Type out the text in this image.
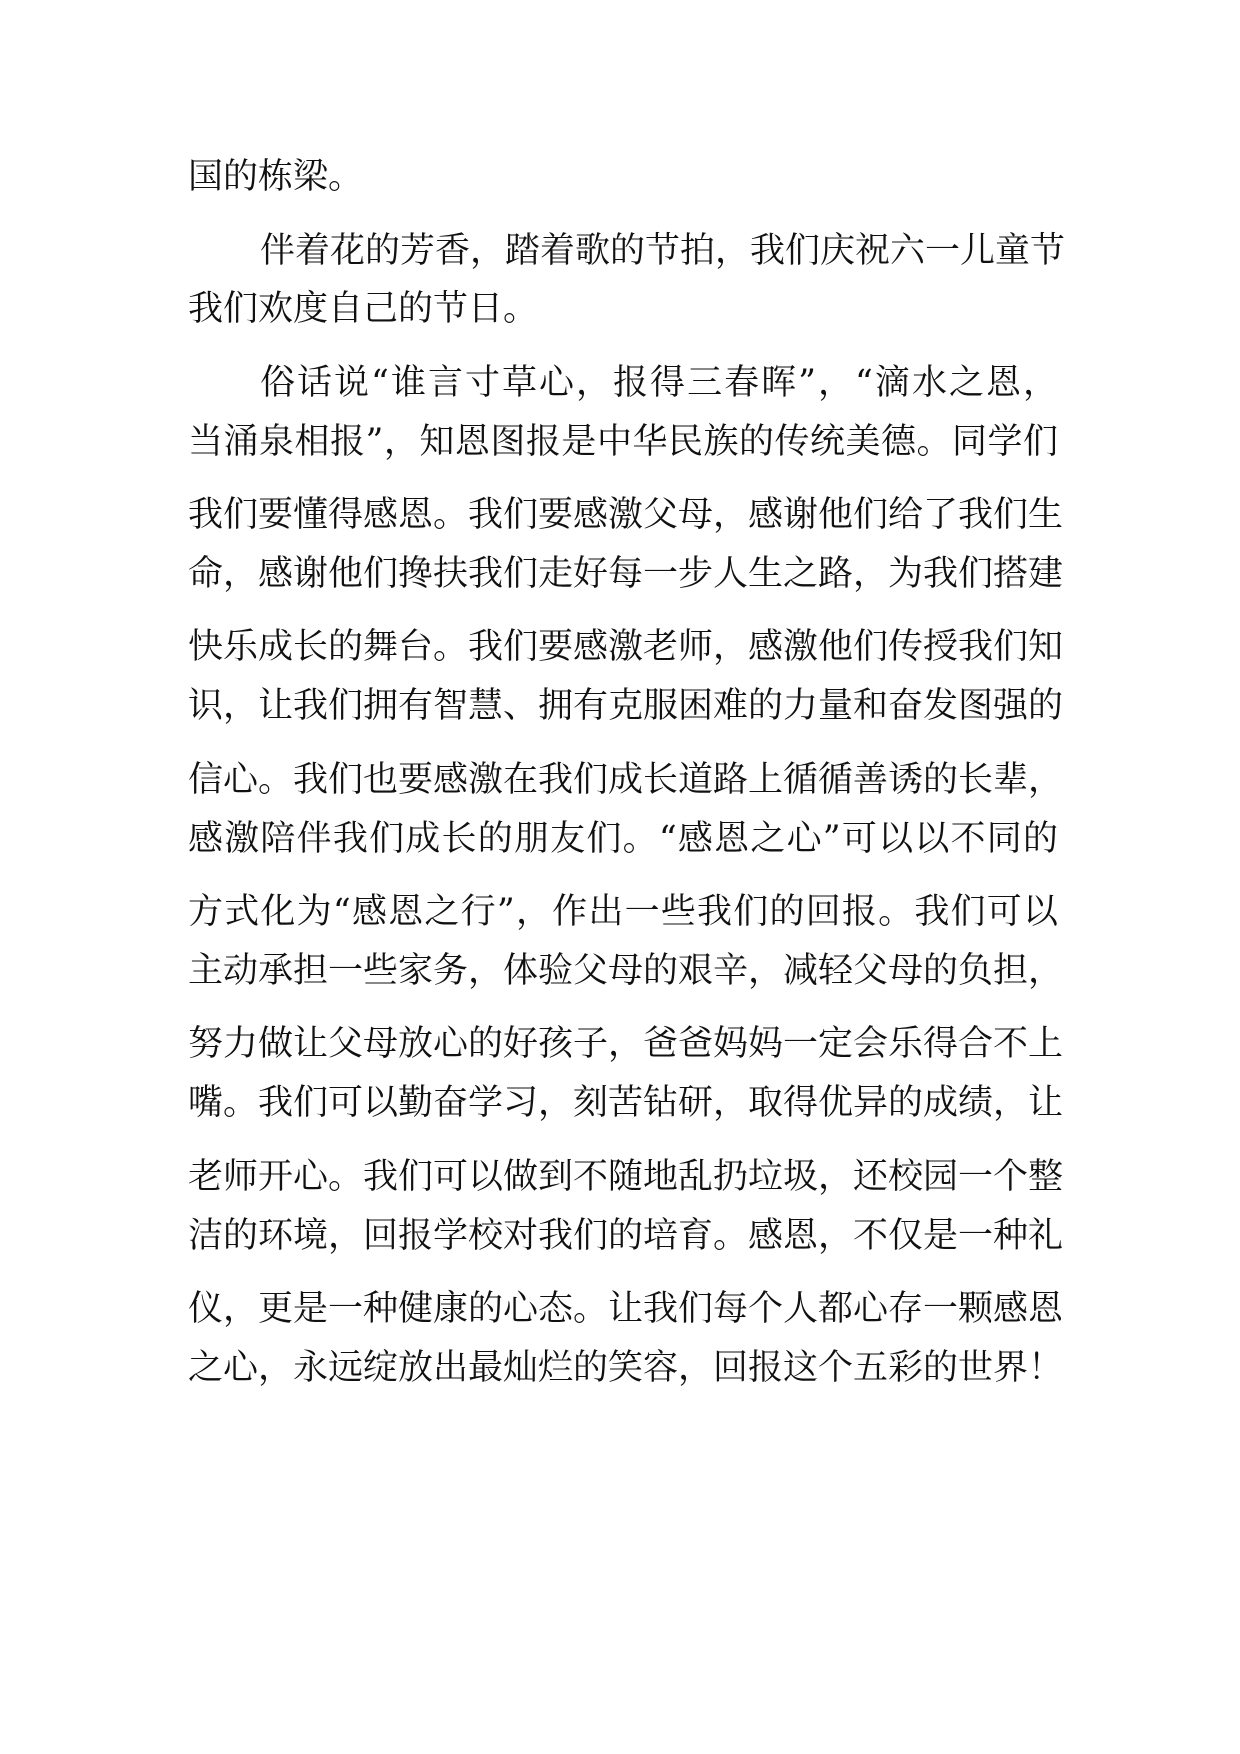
国的栋梁。
伴着花的芳香，踏着歌的节拍，我们庆祝六一儿童节
我们欢度自己的节日。
俗话说“谁言寸草心，报得三春晖”，“滴水之恩，
当涌泉相报”，知恩图报是中华民族的传统美德。同学们
我们要懂得感恩。我们要感激父母，感谢他们给了我们生
命，感谢他们搀扶我们走好每一步人生之路，为我们搭建
快乐成长的舞台。我们要感激老师，感激他们传授我们知
识，让我们拥有智慧、拥有克服困难的力量和奋发图强的
信心。我们也要感激在我们成长道路上循循善诱的长辈，
感激陪伴我们成长的朋友们。“感恩之心”可以以不同的
方式化为“感恩之行”，作出一些我们的回报。我们可以
主动承担一些家务，体验父母的艰辛，减轻父母的负担，
努力做让父母放心的好孩子，爸爸妈妈一定会乐得合不上
嘴。我们可以勤奋学习，刻苦钻研，取得优异的成绩，让
老师开心。我们可以做到不随地乱扔垃圾，还校园一个整
洁的环境，回报学校对我们的培育。感恩，不仅是一种礼
仪，更是一种健康的心态。让我们每个人都心存一颗感恩
之心，永远绽放出最灿烂的笑容，回报这个五彩的世界！
